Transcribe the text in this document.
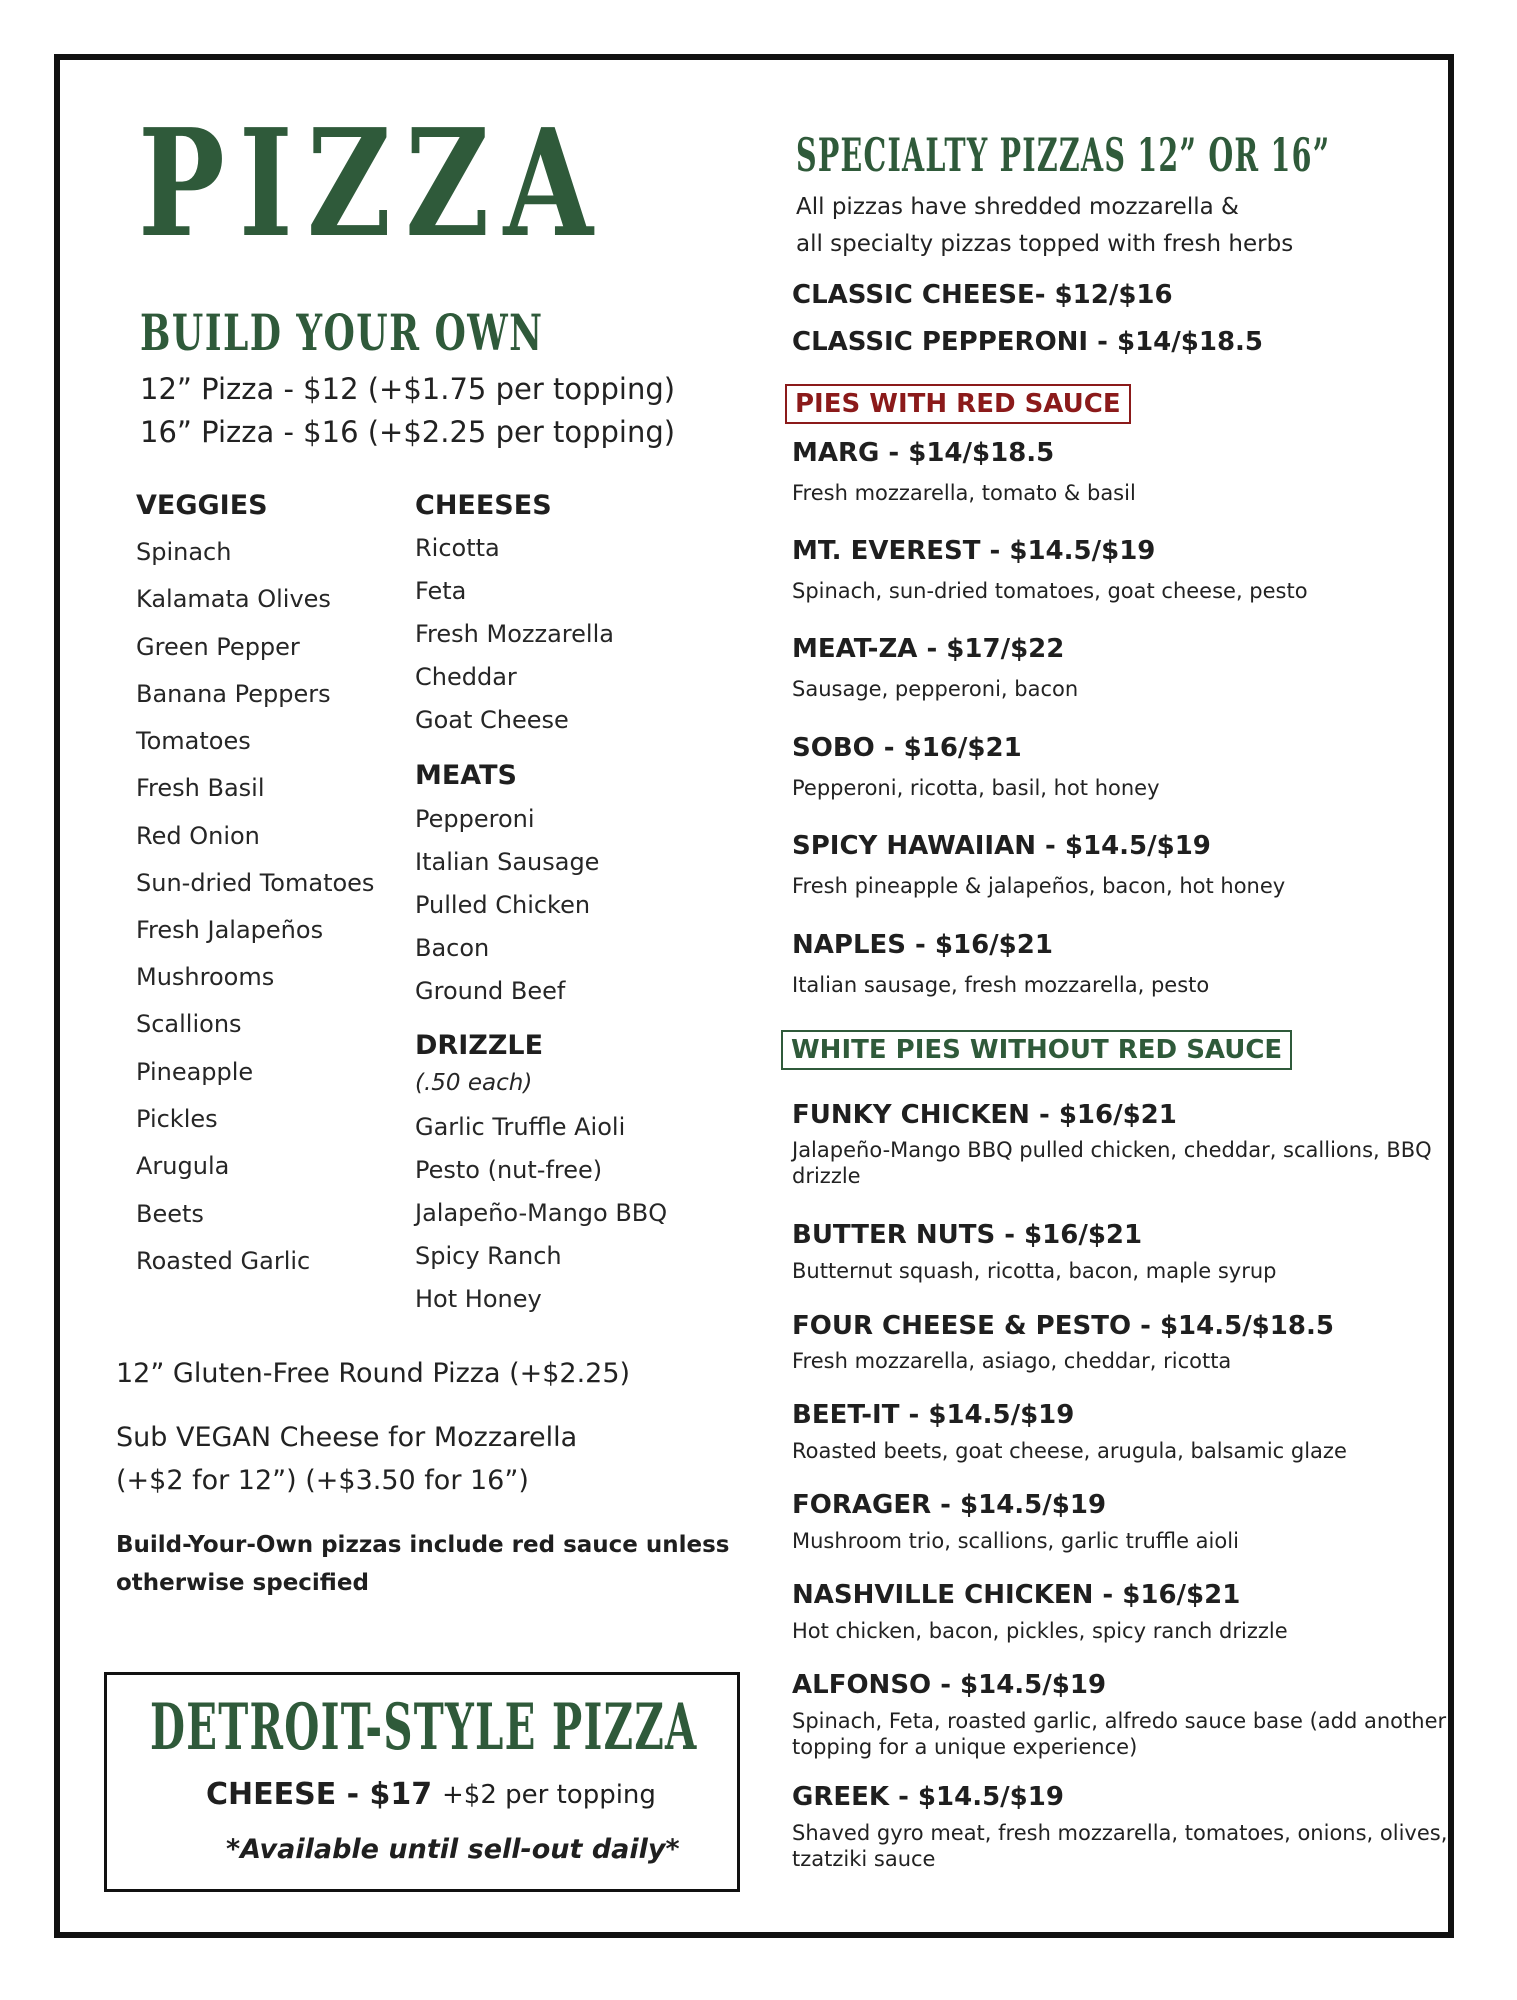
PIZZA
BUILD YOUR OWN
12” Pizza - $12 (+$1.75 per topping)
16” Pizza - $16 (+$2.25 per topping)
VEGGIES
Spinach
Kalamata Olives
Green Pepper
Banana Peppers
Tomatoes
Fresh Basil
Red Onion
Sun-dried Tomatoes
Fresh Jalapeños
Mushrooms
Scallions
Pineapple
Pickles
Arugula
Beets
Roasted Garlic
CHEESES
Ricotta
Feta
Fresh Mozzarella
Cheddar
Goat Cheese
MEATS
Pepperoni
Italian Sausage
Pulled Chicken
Bacon
Ground Beef
DRIZZLE
(.50 each)
Garlic Truffle Aioli
Pesto (nut-free)
Jalapeño-Mango BBQ
Spicy Ranch
Hot Honey
12” Gluten-Free Round Pizza (+$2.25)
Sub VEGAN Cheese for Mozzarella
(+$2 for 12”) (+$3.50 for 16”)
Build-Your-Own pizzas include red sauce unless
otherwise specified
DETROIT-STYLE PIZZA
CHEESE - $17 +$2 per topping
*Available until sell-out daily*
SPECIALTY PIZZAS 12” OR 16”
All pizzas have shredded mozzarella &
all specialty pizzas topped with fresh herbs
CLASSIC CHEESE- $12/$16
CLASSIC PEPPERONI - $14/$18.5
PIES WITH RED SAUCE
MARG - $14/$18.5
Fresh mozzarella, tomato & basil
MT. EVEREST - $14.5/$19
Spinach, sun-dried tomatoes, goat cheese, pesto
MEAT-ZA - $17/$22
Sausage, pepperoni, bacon
SOBO - $16/$21
Pepperoni, ricotta, basil, hot honey
SPICY HAWAIIAN - $14.5/$19
Fresh pineapple & jalapeños, bacon, hot honey
NAPLES - $16/$21
Italian sausage, fresh mozzarella, pesto
WHITE PIES WITHOUT RED SAUCE
FUNKY CHICKEN - $16/$21
Jalapeño-Mango BBQ pulled chicken, cheddar, scallions, BBQ drizzle
BUTTER NUTS - $16/$21
Butternut squash, ricotta, bacon, maple syrup
FOUR CHEESE & PESTO - $14.5/$18.5
Fresh mozzarella, asiago, cheddar, ricotta
BEET-IT - $14.5/$19
Roasted beets, goat cheese, arugula, balsamic glaze
FORAGER - $14.5/$19
Mushroom trio, scallions, garlic truffle aioli
NASHVILLE CHICKEN - $16/$21
Hot chicken, bacon, pickles, spicy ranch drizzle
ALFONSO - $14.5/$19
Spinach, Feta, roasted garlic, alfredo sauce base (add another topping for a unique experience)
GREEK - $14.5/$19
Shaved gyro meat, fresh mozzarella, tomatoes, onions, olives, tzatziki sauce
